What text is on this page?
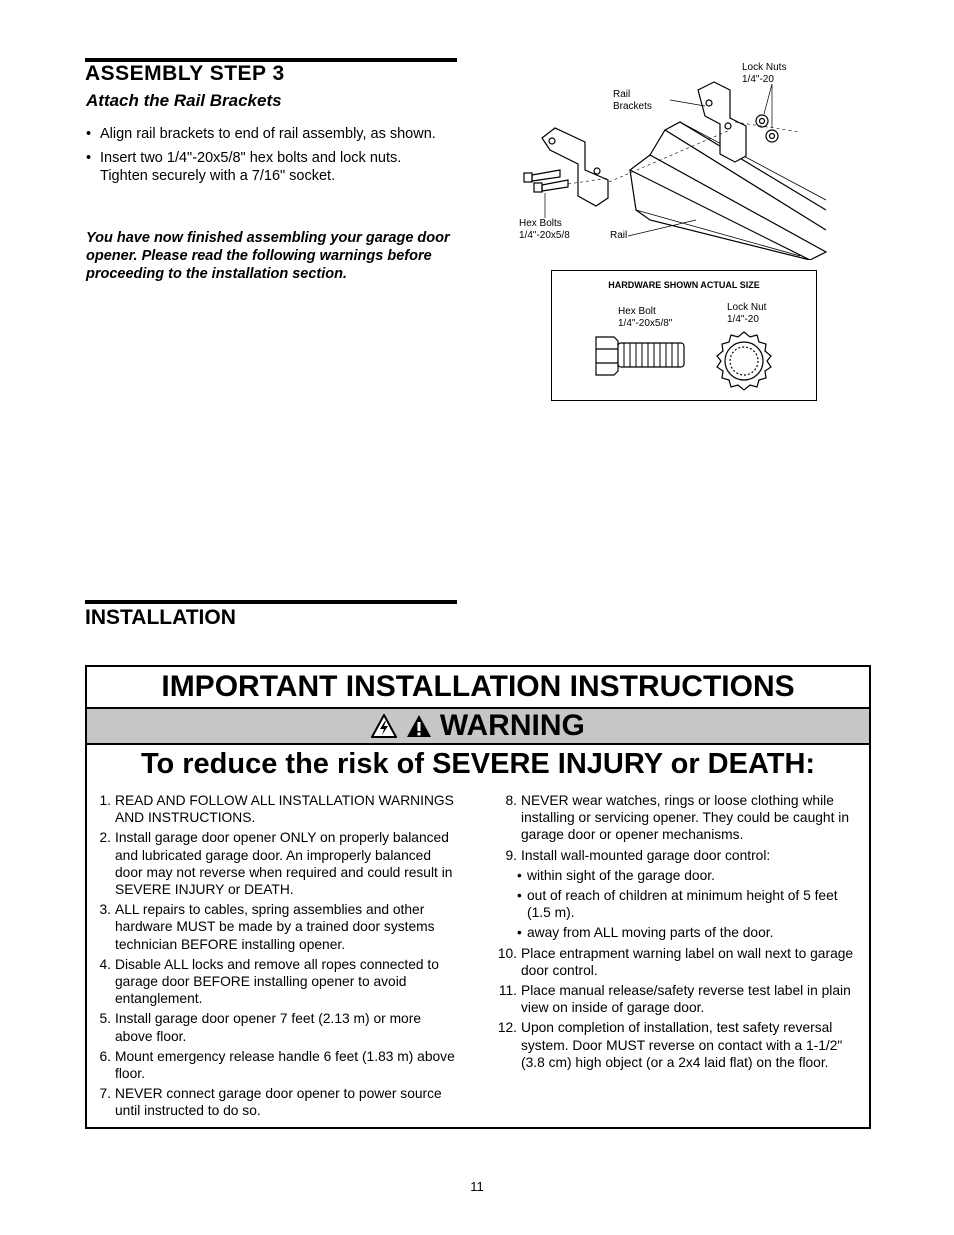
ASSEMBLY STEP 3
Attach the Rail Brackets
• Align rail brackets to end of rail assembly, as shown.
• Insert two 1/4"-20x5/8" hex bolts and lock nuts. Tighten securely with a 7/16" socket.
You have now finished assembling your garage door opener. Please read the following warnings before proceeding to the installation section.
Lock Nuts
1/4"-20
Rail
Brackets
Hex Bolts
1/4"-20x5/8	Rail
HARDWARE SHOWN ACTUAL SIZE
Hex Bolt
1/4"-20x5/8"
Lock Nut
1/4"-20
INSTALLATION
IMPORTANT INSTALLATION INSTRUCTIONS
WARNING
To reduce the risk of SEVERE INJURY or DEATH:
1. READ AND FOLLOW ALL INSTALLATION WARNINGS AND INSTRUCTIONS.
2. Install garage door opener ONLY on properly balanced and lubricated garage door. An improperly balanced door may not reverse when required and could result in SEVERE INJURY or DEATH.
3. ALL repairs to cables, spring assemblies and other hardware MUST be made by a trained door systems technician BEFORE installing opener.
4. Disable ALL locks and remove all ropes connected to garage door BEFORE installing opener to avoid entanglement.
5. Install garage door opener 7 feet (2.13 m) or more above floor.
6. Mount emergency release handle 6 feet (1.83 m) above floor.
7. NEVER connect garage door opener to power source until instructed to do so.
8. NEVER wear watches, rings or loose clothing while installing or servicing opener. They could be caught in garage door or opener mechanisms.
9. Install wall-mounted garage door control:
• within sight of the garage door.
• out of reach of children at minimum height of 5 feet (1.5 m).
• away from ALL moving parts of the door.
10. Place entrapment warning label on wall next to garage door control.
11. Place manual release/safety reverse test label in plain view on inside of garage door.
12. Upon completion of installation, test safety reversal system. Door MUST reverse on contact with a 1-1/2" (3.8 cm) high object (or a 2x4 laid flat) on the floor.
11
